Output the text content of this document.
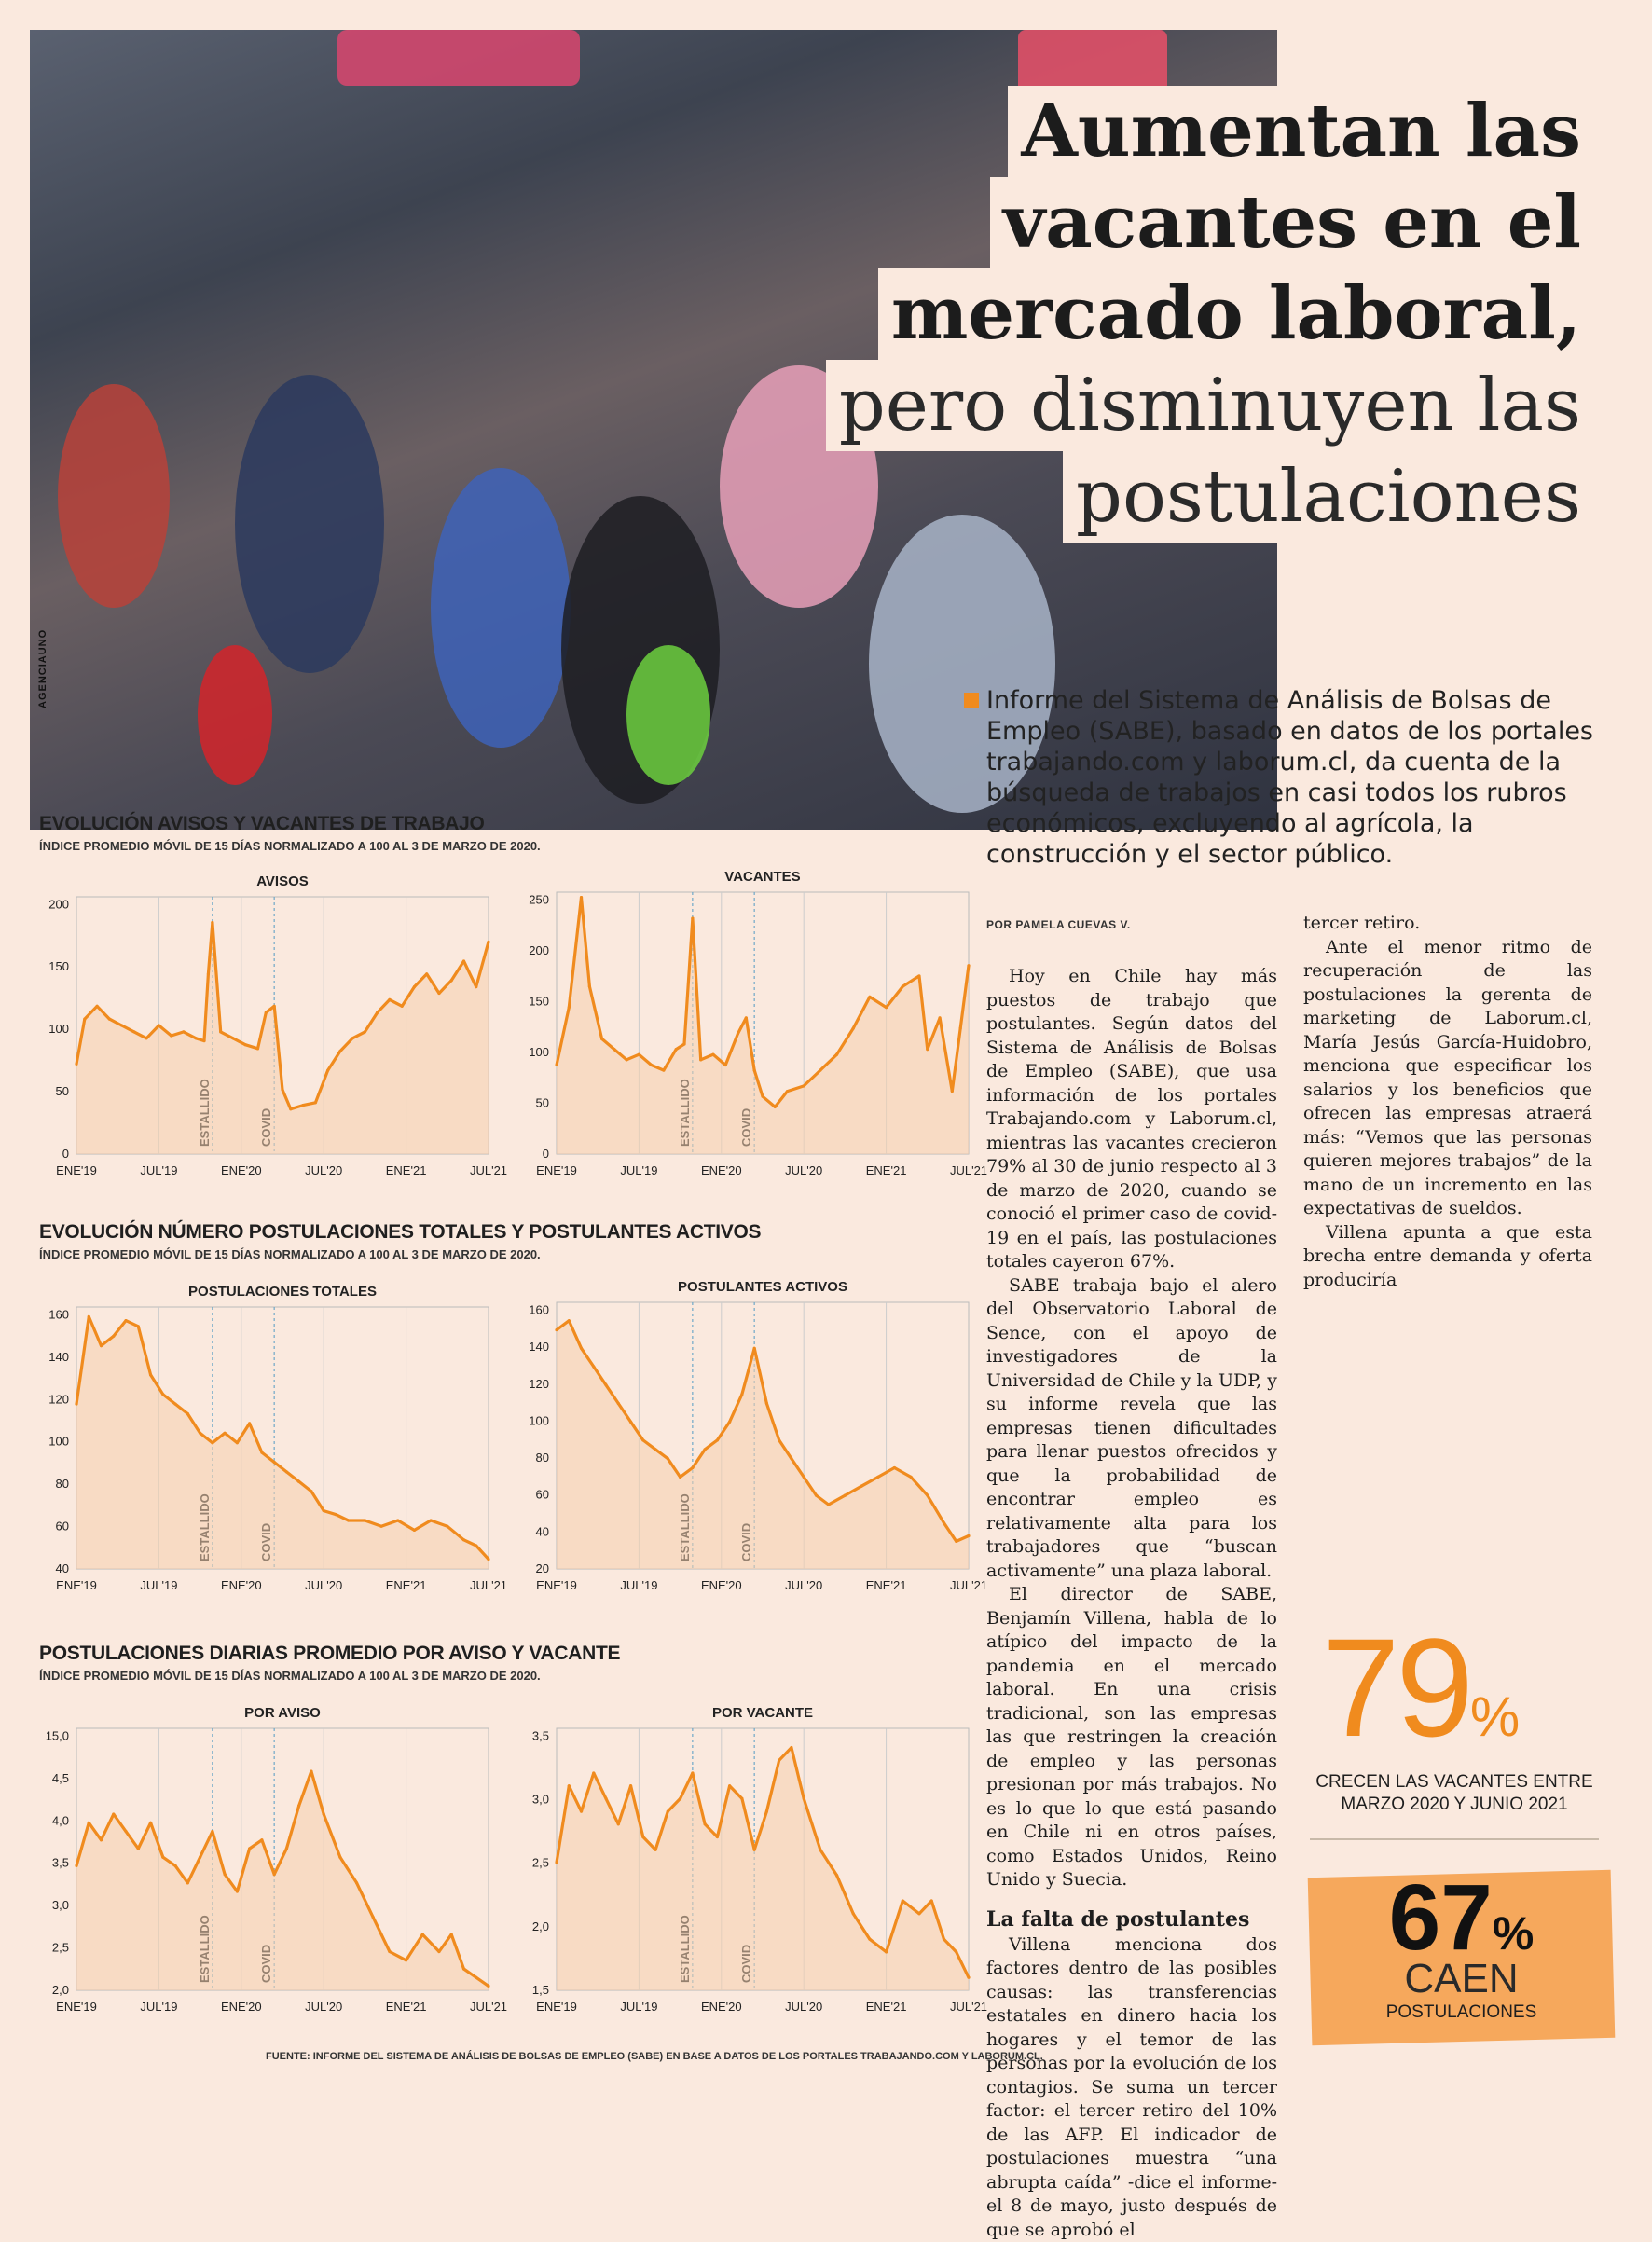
AGENCIAUNO
Aumentan las
vacantes en el
mercado laboral,
pero disminuyen las
postulaciones
Informe del Sistema de Análisis de Bolsas de Empleo (SABE), basado en datos de los portales trabajando.com y laborum.cl, da cuenta de la búsqueda de trabajos en casi todos los rubros económicos, excluyendo al agrícola, la construcción y el sector público.
EVOLUCIÓN AVISOS Y VACANTES DE TRABAJO
ÍNDICE PROMEDIO MÓVIL DE 15 DÍAS NORMALIZADO A 100 AL 3 DE MARZO DE 2020.
EVOLUCIÓN NÚMERO POSTULACIONES TOTALES Y POSTULANTES ACTIVOS
ÍNDICE PROMEDIO MÓVIL DE 15 DÍAS NORMALIZADO A 100 AL 3 DE MARZO DE 2020.
POSTULACIONES DIARIAS PROMEDIO POR AVISO Y VACANTE
ÍNDICE PROMEDIO MÓVIL DE 15 DÍAS NORMALIZADO A 100 AL 3 DE MARZO DE 2020.
AVISOS
ENE'19	JUL'19	ENE'20	JUL'20	ENE'21	JUL'21
0
50
100
150
200
VACANTES
ENE'19	JUL'19	ENE'20	JUL'20	ENE'21	JUL'21
0
50
100
150
200
250
POSTULACIONES TOTALES
ENE'19	JUL'19	ENE'20	JUL'20	ENE'21	JUL'21
40
60
80
100
120
140
160
POSTULANTES ACTIVOS
ENE'19	JUL'19	ENE'20	JUL'20	ENE'21	JUL'21
20
40
60
80
100
120
140
160
POR AVISO
ENE'19	JUL'19	ENE'20	JUL'20	ENE'21	JUL'21
2,0
2,5
3,0
3,5
4,0
4,5
15,0
POR VACANTE
ENE'19	JUL'19	ENE'20	JUL'20	ENE'21	JUL'21
1,5
2,0
2,5
3,0
3,5
FUENTE: INFORME DEL SISTEMA DE ANÁLISIS DE BOLSAS DE EMPLEO (SABE) EN BASE A DATOS DE LOS PORTALES TRABAJANDO.COM Y LABORUM.CL.
POR PAMELA CUEVAS V.

Hoy en Chile hay más puestos de trabajo que postulantes. Según datos del Sistema de Análisis de Bolsas de Empleo (SABE), que usa información de los portales Trabajando.com y Laborum.cl, mientras las vacantes crecieron 79% al 30 de junio respecto al 3 de marzo de 2020, cuando se conoció el primer caso de covid-19 en el país, las postulaciones totales cayeron 67%.

SABE trabaja bajo el alero del Observatorio Laboral de Sence, con el apoyo de investigadores de la Universidad de Chile y la UDP, y su informe revela que las empresas tienen dificultades para llenar puestos ofrecidos y que la probabilidad de encontrar empleo es relativamente alta para los trabajadores que “buscan activamente” una plaza laboral.

El director de SABE, Benjamín Villena, habla de lo atípico del impacto de la pandemia en el mercado laboral. En una crisis tradicional, son las empresas las que restringen la creación de empleo y las personas presionan por más trabajos. No es lo que lo que está pasando en Chile ni en otros países, como Estados Unidos, Reino Unido y Suecia.

La falta de postulantes

Villena menciona dos factores dentro de las posibles causas: las transferencias estatales en dinero hacia los hogares y el temor de las personas por la evolución de los contagios. Se suma un tercer factor: el tercer retiro del 10% de las AFP. El indicador de postulaciones muestra “una abrupta caída” -dice el informe- el 8 de mayo, justo después de que se aprobó el

tercer retiro.

Ante el menor ritmo de recuperación de las postulaciones la gerenta de marketing de Laborum.cl, María Jesús García-Huidobro, menciona que especificar los salarios y los beneficios que ofrecen las empresas atraerá más: “Vemos que las personas quieren mejores trabajos” de la mano de un incremento en las expectativas de sueldos.

Villena apunta a que esta brecha entre demanda y oferta produciría

79%
CRECEN LAS VACANTES ENTRE MARZO 2020 Y JUNIO 2021
67%
CAEN
POSTULACIONES
